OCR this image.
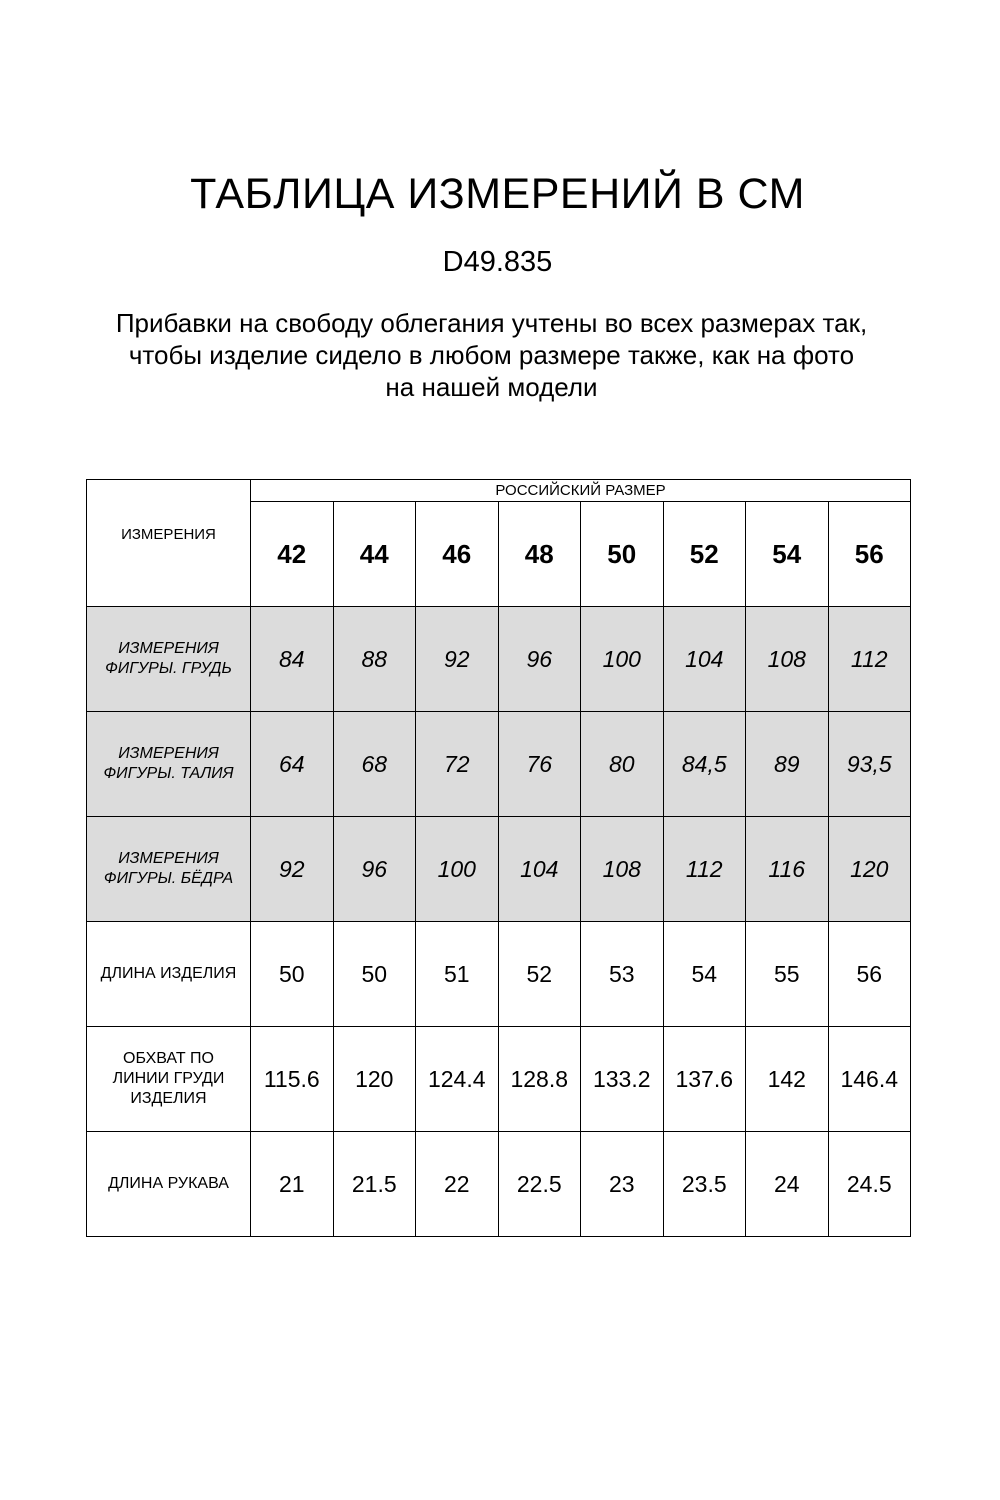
ТАБЛИЦА ИЗМЕРЕНИЙ В СМ
D49.835
Прибавки на свободу облегания учтены во всех размерах так,
чтобы изделие сидело в любом размере также, как на фото
на нашей модели
ИЗМЕРЕНИЯ	РОССИЙСКИЙ РАЗМЕР							
	42	44	46	48	50	52	54	56

ИЗМЕРЕНИЯ
ФИГУРЫ. ГРУДЬ	84	88	92	96	100	104	108	112

ИЗМЕРЕНИЯ
ФИГУРЫ. ТАЛИЯ	64	68	72	76	80	84,5	89	93,5

ИЗМЕРЕНИЯ
ФИГУРЫ. БЁДРА	92	96	100	104	108	112	116	120

ДЛИНА ИЗДЕЛИЯ	50	50	51	52	53	54	55	56

ОБХВАТ ПО
ЛИНИИ ГРУДИ
ИЗДЕЛИЯ	115.6	120	124.4	128.8	133.2	137.6	142	146.4

ДЛИНА РУКАВА	21	21.5	22	22.5	23	23.5	24	24.5
